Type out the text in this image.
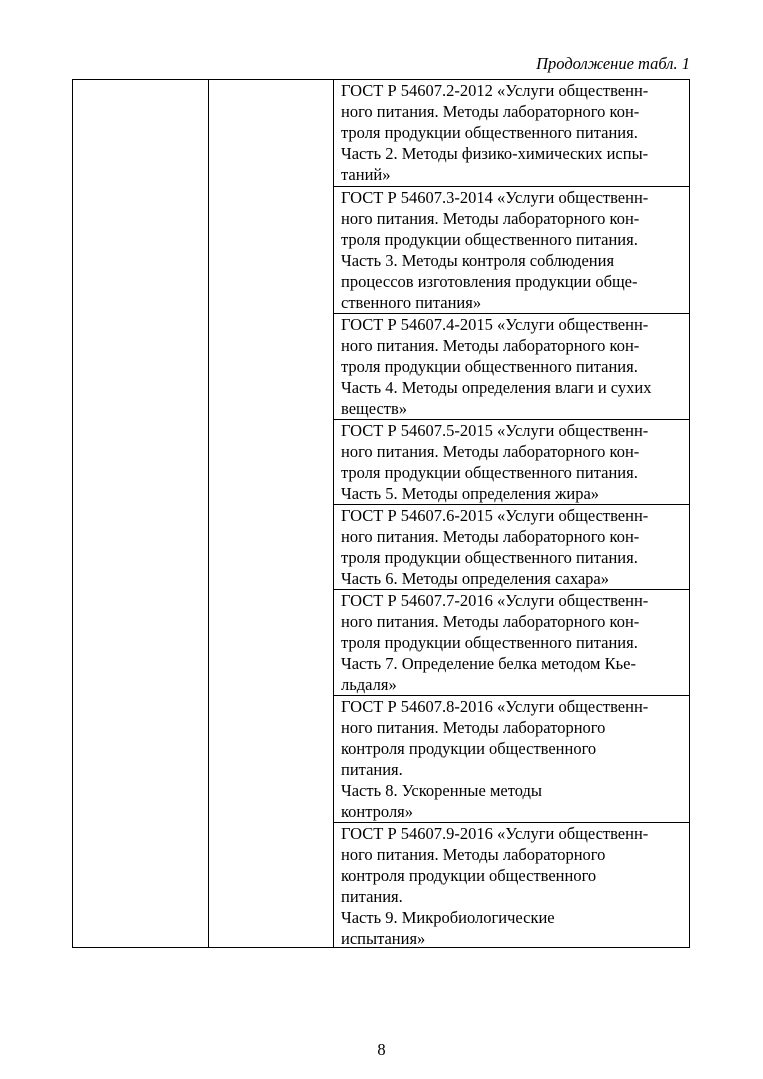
Продолжение табл. 1
ГОСТ Р 54607.2-2012 «Услуги общественн-
ного питания. Методы лабораторного кон-
троля продукции общественного питания.
Часть 2. Методы физико-химических испы-
таний»
ГОСТ Р 54607.3-2014 «Услуги общественн-
ного питания. Методы лабораторного кон-
троля продукции общественного питания.
Часть 3. Методы контроля соблюдения
процессов изготовления продукции обще-
ственного питания»
ГОСТ Р 54607.4-2015 «Услуги общественн-
ного питания. Методы лабораторного кон-
троля продукции общественного питания.
Часть 4. Методы определения влаги и сухих
веществ»
ГОСТ Р 54607.5-2015 «Услуги общественн-
ного питания. Методы лабораторного кон-
троля продукции общественного питания.
Часть 5. Методы определения жира»
ГОСТ Р 54607.6-2015 «Услуги общественн-
ного питания. Методы лабораторного кон-
троля продукции общественного питания.
Часть 6. Методы определения сахара»
ГОСТ Р 54607.7-2016 «Услуги общественн-
ного питания. Методы лабораторного кон-
троля продукции общественного питания.
Часть 7. Определение белка методом Кье-
льдаля»
ГОСТ Р 54607.8-2016 «Услуги общественн-
ного питания. Методы лабораторного
контроля продукции общественного
питания.
Часть 8. Ускоренные методы
контроля»
ГОСТ Р 54607.9-2016 «Услуги общественн-
ного питания. Методы лабораторного
контроля продукции общественного
питания.
Часть 9. Микробиологические
испытания»
8
